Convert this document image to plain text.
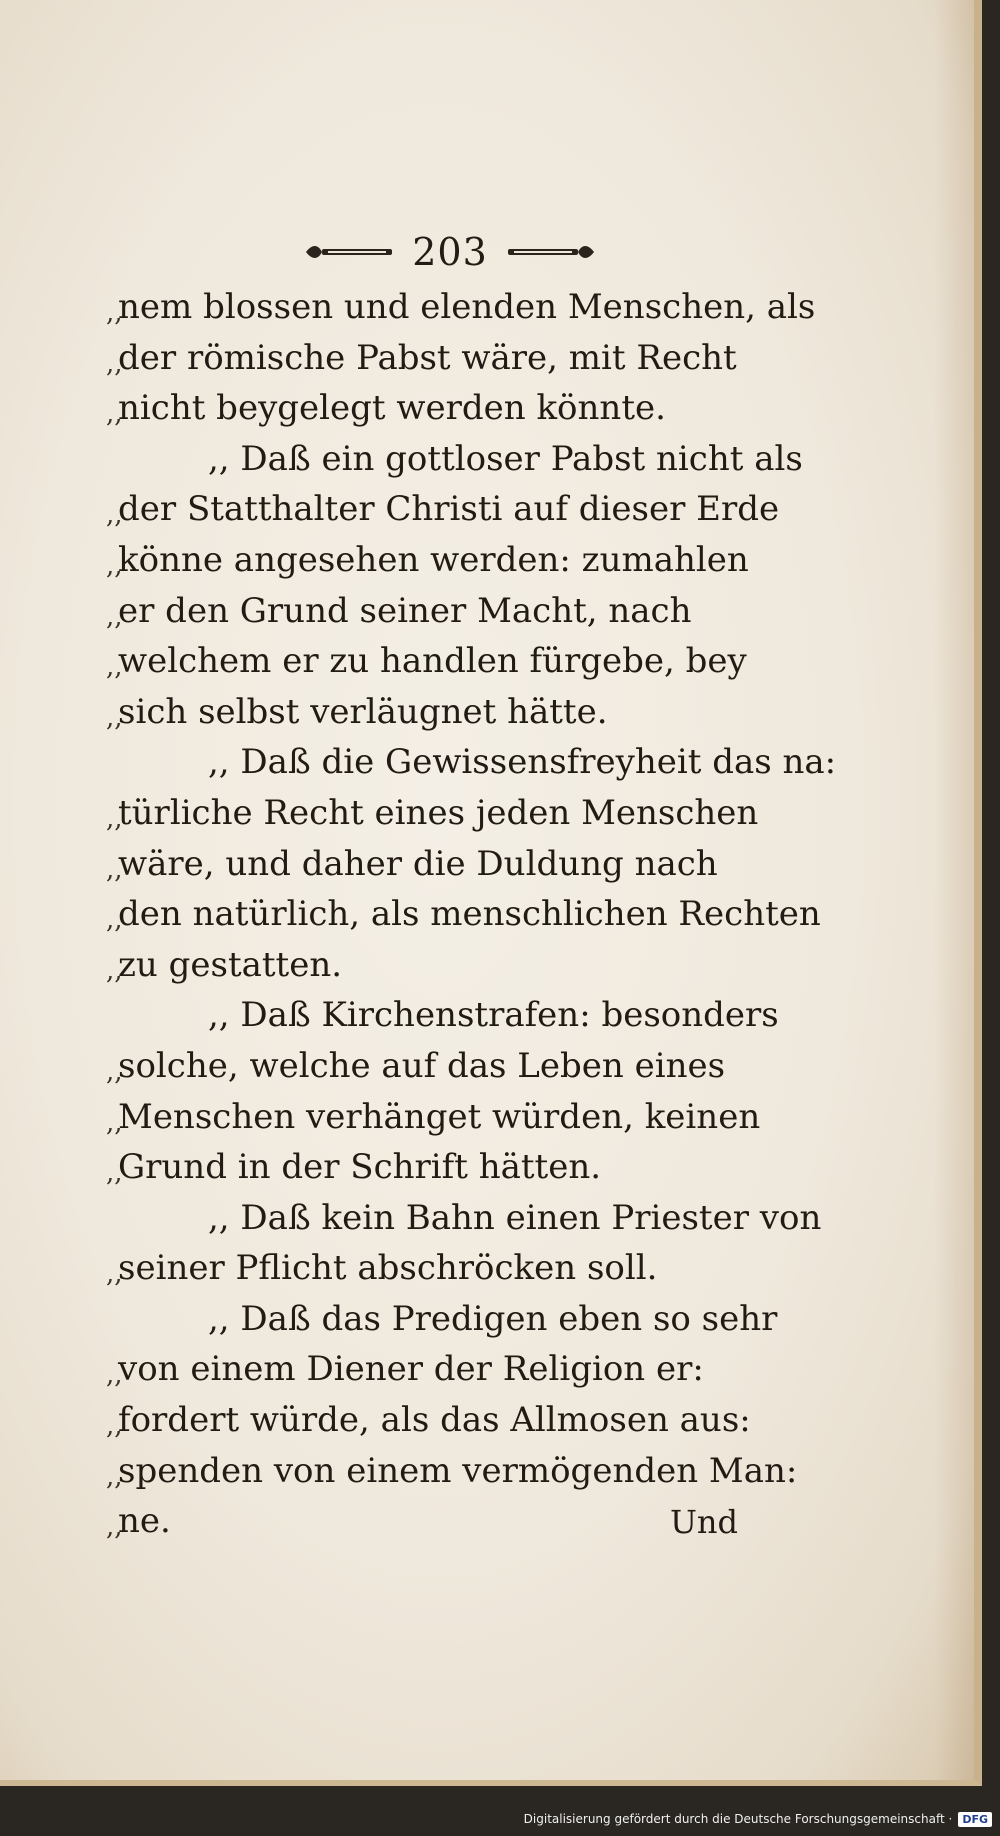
203
,,
nem blossen und elenden Menschen, als
,,
der römische Pabst wäre, mit Recht
,,
nicht beygelegt werden könnte.
,, Daß ein gottloser Pabst nicht als
,,
der Statthalter Christi auf dieser Erde
,,
könne angesehen werden: zumahlen
,,
er den Grund seiner Macht, nach
,,
welchem er zu handlen fürgebe, bey
,,
sich selbst verläugnet hätte.
,, Daß die Gewissensfreyheit das na:
,,
türliche Recht eines jeden Menschen
,,
wäre, und daher die Duldung nach
,,
den natürlich, als menschlichen Rechten
,,
zu gestatten.
,, Daß Kirchenstrafen: besonders
,,
solche, welche auf das Leben eines
,,
Menschen verhänget würden, keinen
,,
Grund in der Schrift hätten.
,, Daß kein Bahn einen Priester von
,,
seiner Pflicht abschröcken soll.
,, Daß das Predigen eben so sehr
,,
von einem Diener der Religion er:
,,
fordert würde, als das Allmosen aus:
,,
spenden von einem vermögenden Man:
,,
ne.	Und
Digitalisierung gefördert durch die Deutsche Forschungsgemeinschaft · DFG
